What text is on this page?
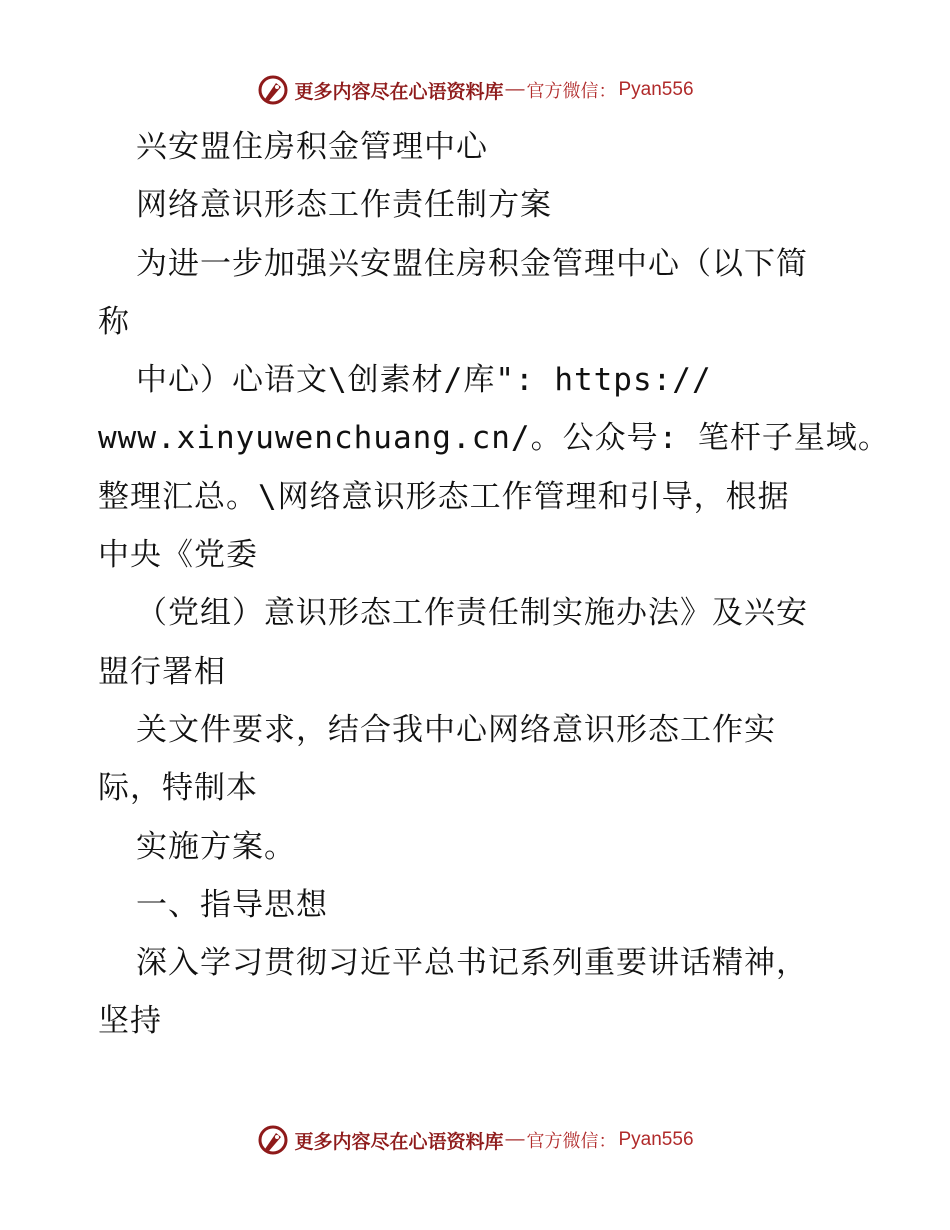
更多内容尽在心语资料库 — 官方微信： Pyan556
兴安盟住房积金管理中心
网络意识形态工作责任制方案
为进一步加强兴安盟住房积金管理中心（以下简
称
中心）心语文\创素材/库": https://
www.xinyuwenchuang.cn/。公众号: 笔杆子星域。
整理汇总。\网络意识形态工作管理和引导，根据
中央《党委
（党组）意识形态工作责任制实施办法》及兴安
盟行署相
关文件要求，结合我中心网络意识形态工作实
际，特制本
实施方案。
一、指导思想
深入学习贯彻习近平总书记系列重要讲话精神，
坚持
更多内容尽在心语资料库 — 官方微信： Pyan556
